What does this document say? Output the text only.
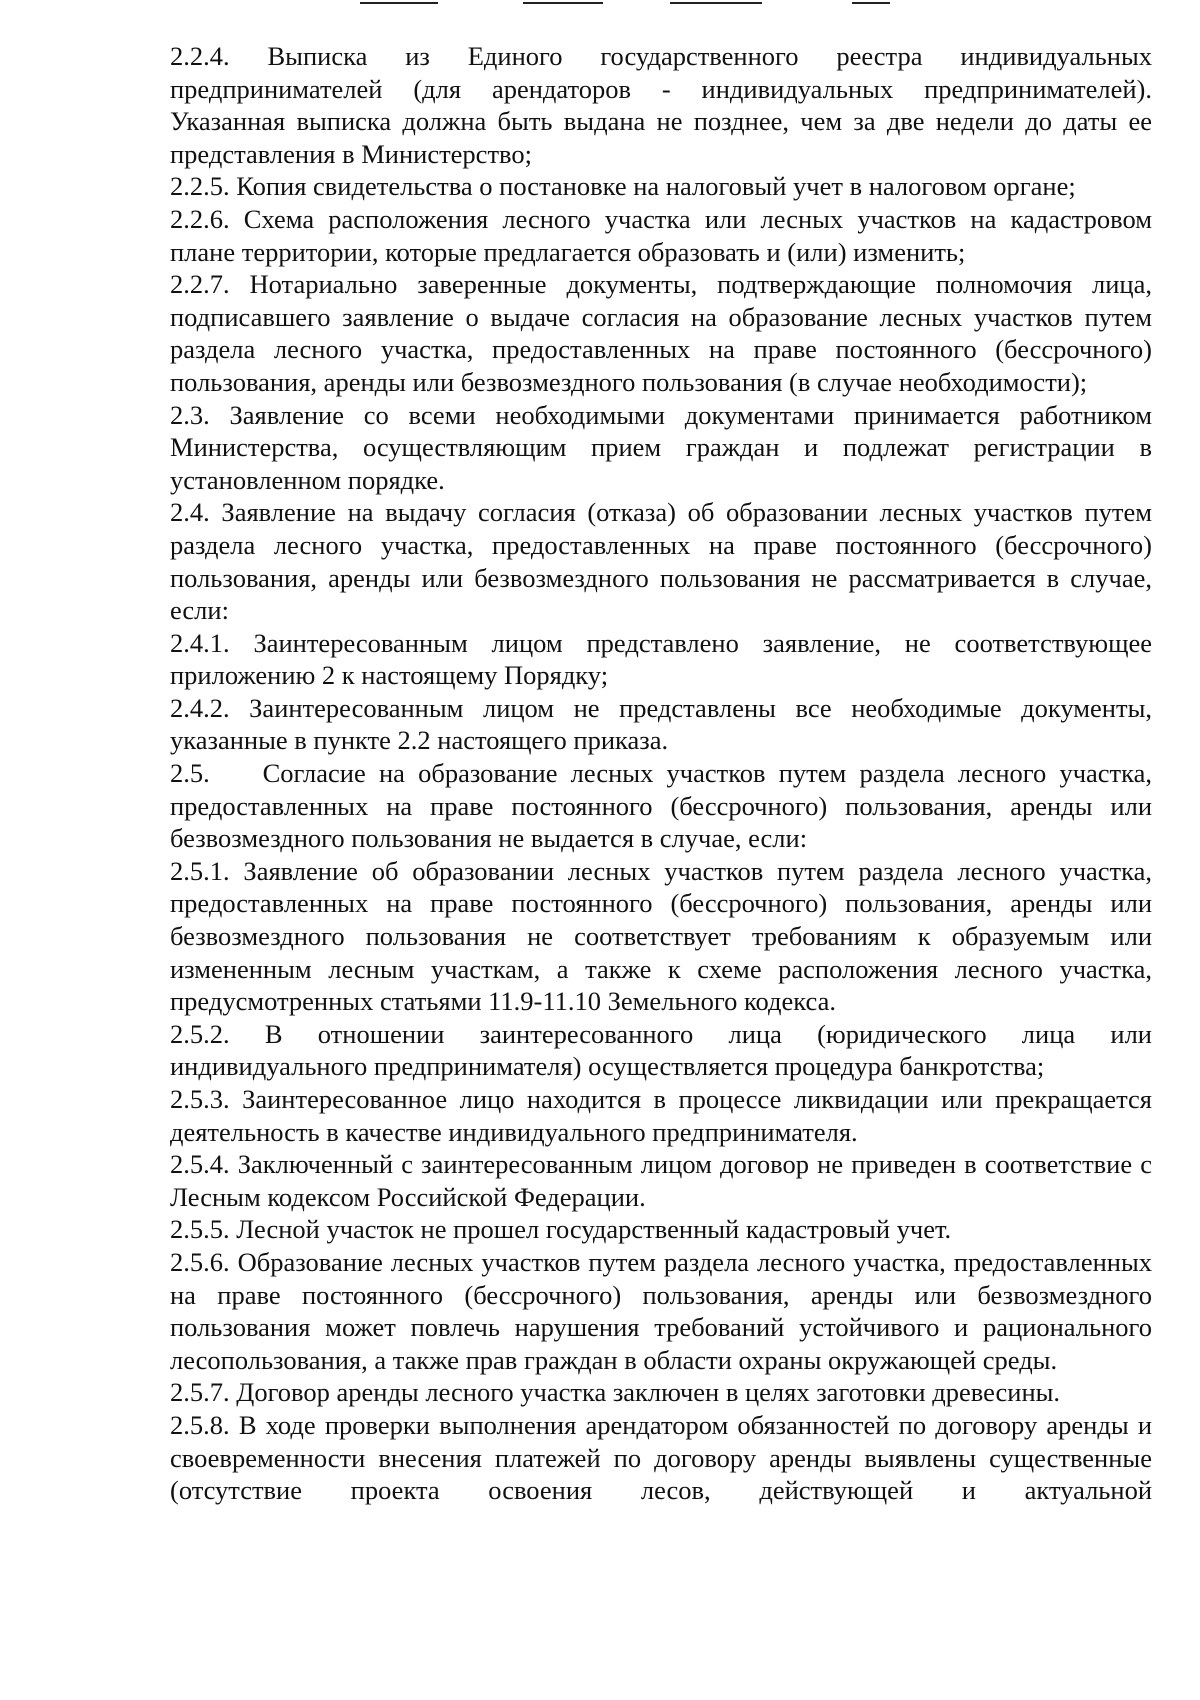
2.2.4. Выписка из Единого государственного реестра индивидуальных предпринимателей (для арендаторов - индивидуальных предпринимателей). Указанная выписка должна быть выдана не позднее, чем за две недели до даты ее представления в Министерство;

2.2.5. Копия свидетельства о постановке на налоговый учет в налоговом органе;

2.2.6. Схема расположения лесного участка или лесных участков на кадастровом плане территории, которые предлагается образовать и (или) изменить;

2.2.7. Нотариально заверенные документы, подтверждающие полномочия лица, подписавшего заявление о выдаче согласия на образование лесных участков путем раздела лесного участка, предоставленных на праве постоянного (бессрочного) пользования, аренды или безвозмездного пользования (в случае необходимости);

2.3. Заявление со всеми необходимыми документами принимается работником Министерства, осуществляющим прием граждан и подлежат регистрации в установленном порядке.

2.4. Заявление на выдачу согласия (отказа) об образовании лесных участков путем раздела лесного участка, предоставленных на праве постоянного (бессрочного) пользования, аренды или безвозмездного пользования не рассматривается в случае, если:

2.4.1. Заинтересованным лицом представлено заявление, не соответствующее приложению 2 к настоящему Порядку;

2.4.2. Заинтересованным лицом не представлены все необходимые документы, указанные в пункте 2.2 настоящего приказа.

2.5.    Согласие на образование лесных участков путем раздела лесного участка, предоставленных на праве постоянного (бессрочного) пользования, аренды или безвозмездного пользования не выдается в случае, если:

2.5.1. Заявление об образовании лесных участков путем раздела лесного участка, предоставленных на праве постоянного (бессрочного) пользования, аренды или безвозмездного пользования не соответствует требованиям к образуемым или измененным лесным участкам, а также к схеме расположения лесного участка, предусмотренных статьями 11.9-11.10 Земельного кодекса.

2.5.2. В отношении заинтересованного лица (юридического лица или индивидуального предпринимателя) осуществляется процедура банкротства;

2.5.3. Заинтересованное лицо находится в процессе ликвидации или прекращается деятельность в качестве индивидуального предпринимателя.

2.5.4. Заключенный с заинтересованным лицом договор не приведен в соответствие с Лесным кодексом Российской Федерации.

2.5.5. Лесной участок не прошел государственный кадастровый учет.

2.5.6. Образование лесных участков путем раздела лесного участка, предоставленных на праве постоянного (бессрочного) пользования, аренды или безвозмездного пользования может повлечь нарушения требований устойчивого и рационального лесопользования, а также прав граждан в области охраны окружающей среды.

2.5.7. Договор аренды лесного участка заключен в целях заготовки древесины.

2.5.8. В ходе проверки выполнения арендатором обязанностей по договору аренды и своевременности внесения платежей по договору аренды выявлены существенные (отсутствие проекта освоения лесов, действующей и актуальной
